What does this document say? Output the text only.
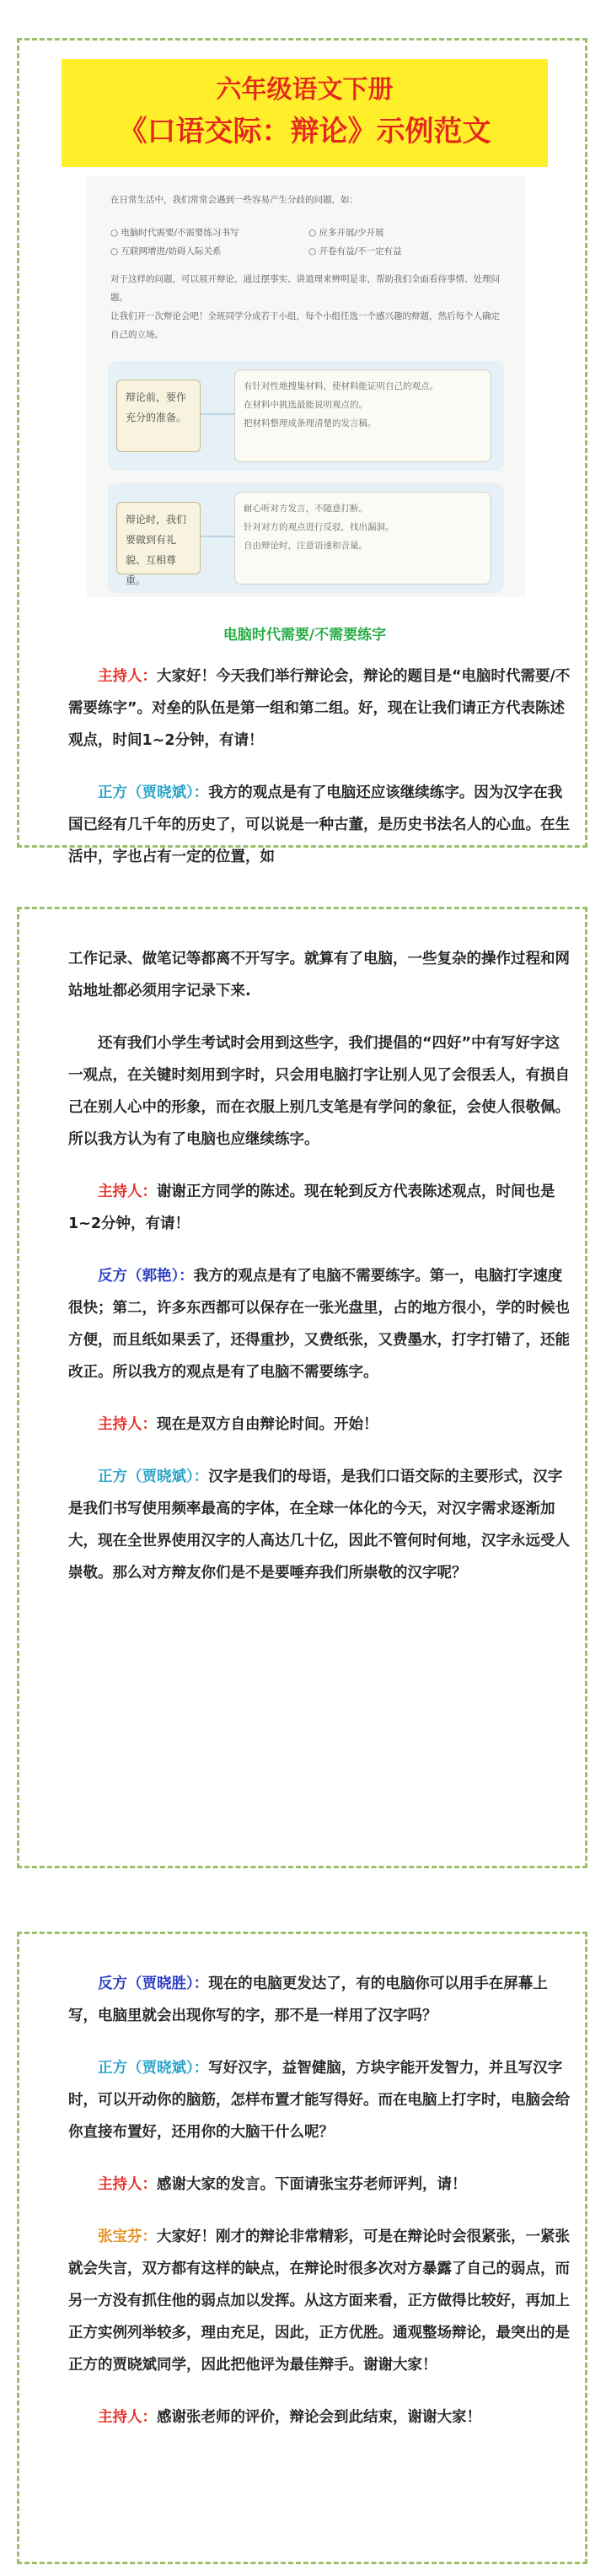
六年级语文下册
《口语交际：辩论》示例范文

在日常生活中，我们常常会遇到一些容易产生分歧的问题，如：

○ 电脑时代需要/不需要练习书写	○ 应多开展/少开展
○ 互联网增进/妨碍人际关系	○ 开卷有益/不一定有益

对于这样的问题，可以展开辩论，通过摆事实、讲道理来辨明是非，帮助我们全面看待事情、处理问题。

让我们开一次辩论会吧！全班同学分成若干小组，每个小组任选一个感兴趣的辩题，然后每个人确定自己的立场。

辩论前，要作充分的准备。

有针对性地搜集材料，使材料能证明自己的观点。

在材料中挑选最能说明观点的。

把材料整理成条理清楚的发言稿。

辩论时，我们要做到有礼貌、互相尊重。

耐心听对方发言，不随意打断。

针对对方的观点进行反驳，找出漏洞。

自由辩论时，注意语速和音量。

电脑时代需要/不需要练字

主持人：大家好！今天我们举行辩论会，辩论的题目是“电脑时代需要/不需要练字”。对垒的队伍是第一组和第二组。好，现在让我们请正方代表陈述观点，时间1~2分钟，有请！

正方（贾晓斌）：我方的观点是有了电脑还应该继续练字。因为汉字在我国已经有几千年的历史了，可以说是一种古董，是历史书法名人的心血。在生活中，字也占有一定的位置，如

工作记录、做笔记等都离不开写字。就算有了电脑，一些复杂的操作过程和网站地址都必须用字记录下来.

还有我们小学生考试时会用到这些字，我们提倡的“四好”中有写好字这一观点，在关键时刻用到字时，只会用电脑打字让别人见了会很丢人，有损自己在别人心中的形象，而在衣服上别几支笔是有学问的象征，会使人很敬佩。所以我方认为有了电脑也应继续练字。

主持人：谢谢正方同学的陈述。现在轮到反方代表陈述观点，时间也是1~2分钟，有请！

反方（郭艳）：我方的观点是有了电脑不需要练字。第一，电脑打字速度很快；第二，许多东西都可以保存在一张光盘里，占的地方很小，学的时候也方便，而且纸如果丢了，还得重抄，又费纸张，又费墨水，打字打错了，还能改正。所以我方的观点是有了电脑不需要练字。

主持人：现在是双方自由辩论时间。开始！

正方（贾晓斌）：汉字是我们的母语，是我们口语交际的主要形式，汉字是我们书写使用频率最高的字体，在全球一体化的今天，对汉字需求逐渐加大，现在全世界使用汉字的人高达几十亿，因此不管何时何地，汉字永远受人崇敬。那么对方辩友你们是不是要唾弃我们所崇敬的汉字呢？

反方（贾晓胜）：现在的电脑更发达了，有的电脑你可以用手在屏幕上写，电脑里就会出现你写的字，那不是一样用了汉字吗？

正方（贾晓斌）：写好汉字，益智健脑，方块字能开发智力，并且写汉字时，可以开动你的脑筋，怎样布置才能写得好。而在电脑上打字时，电脑会给你直接布置好，还用你的大脑干什么呢？

主持人：感谢大家的发言。下面请张宝芬老师评判，请！

张宝芬：大家好！刚才的辩论非常精彩，可是在辩论时会很紧张，一紧张就会失言，双方都有这样的缺点，在辩论时很多次对方暴露了自己的弱点，而另一方没有抓住他的弱点加以发挥。从这方面来看，正方做得比较好，再加上正方实例列举较多，理由充足，因此，正方优胜。通观整场辩论，最突出的是正方的贾晓斌同学，因此把他评为最佳辩手。谢谢大家！

主持人：感谢张老师的评价，辩论会到此结束，谢谢大家！
